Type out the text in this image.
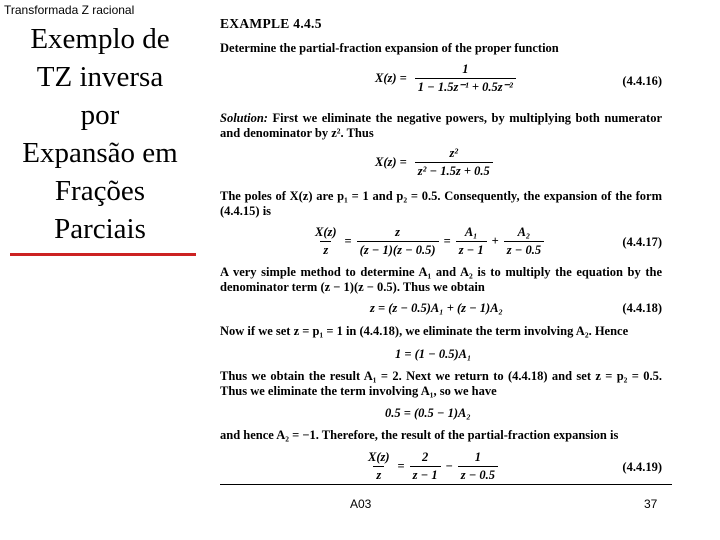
Transformada Z racional
Exemplo de
TZ inversa
por
Expansão em
Frações
Parciais
EXAMPLE 4.4.5
Determine the partial-fraction expansion of the proper function
$X(z) = \frac{1}{\text{1 − 1.5z⁻¹ + 0.5z⁻²}}$	(4.4.16)
Solution: First we eliminate the negative powers, by multiplying both numerator and denominator by z². Thus
$X(z) = \frac{\text{z²}}{\text{z² − 1.5z + 0.5}}$
The poles of X(z) are p₁ = 1 and p₂ = 0.5. Consequently, the expansion of the form (4.4.15) is
$\frac{X(z)}{z} = \frac{z}{(z - 1)(z - 0.5)} = \frac{\text{A₁}}{z - 1} + \frac{\text{A₂}}{z - 0.5}$	(4.4.17)
A very simple method to determine A₁ and A₂ is to multiply the equation by the denominator term (z − 1)(z − 0.5). Thus we obtain
z = (z − 0.5)A₁ + (z − 1)A₂	(4.4.18)
Now if we set z = p₁ = 1 in (4.4.18), we eliminate the term involving A₂. Hence
1 = (1 − 0.5)A₁
Thus we obtain the result A₁ = 2. Next we return to (4.4.18) and set z = p₂ = 0.5. Thus we eliminate the term involving A₁, so we have
0.5 = (0.5 − 1)A₂
and hence A₂ = −1. Therefore, the result of the partial-fraction expansion is
$\frac{X(z)}{z} = \frac{2}{z - 1} - \frac{1}{z - 0.5}$	(4.4.19)
A03	37
